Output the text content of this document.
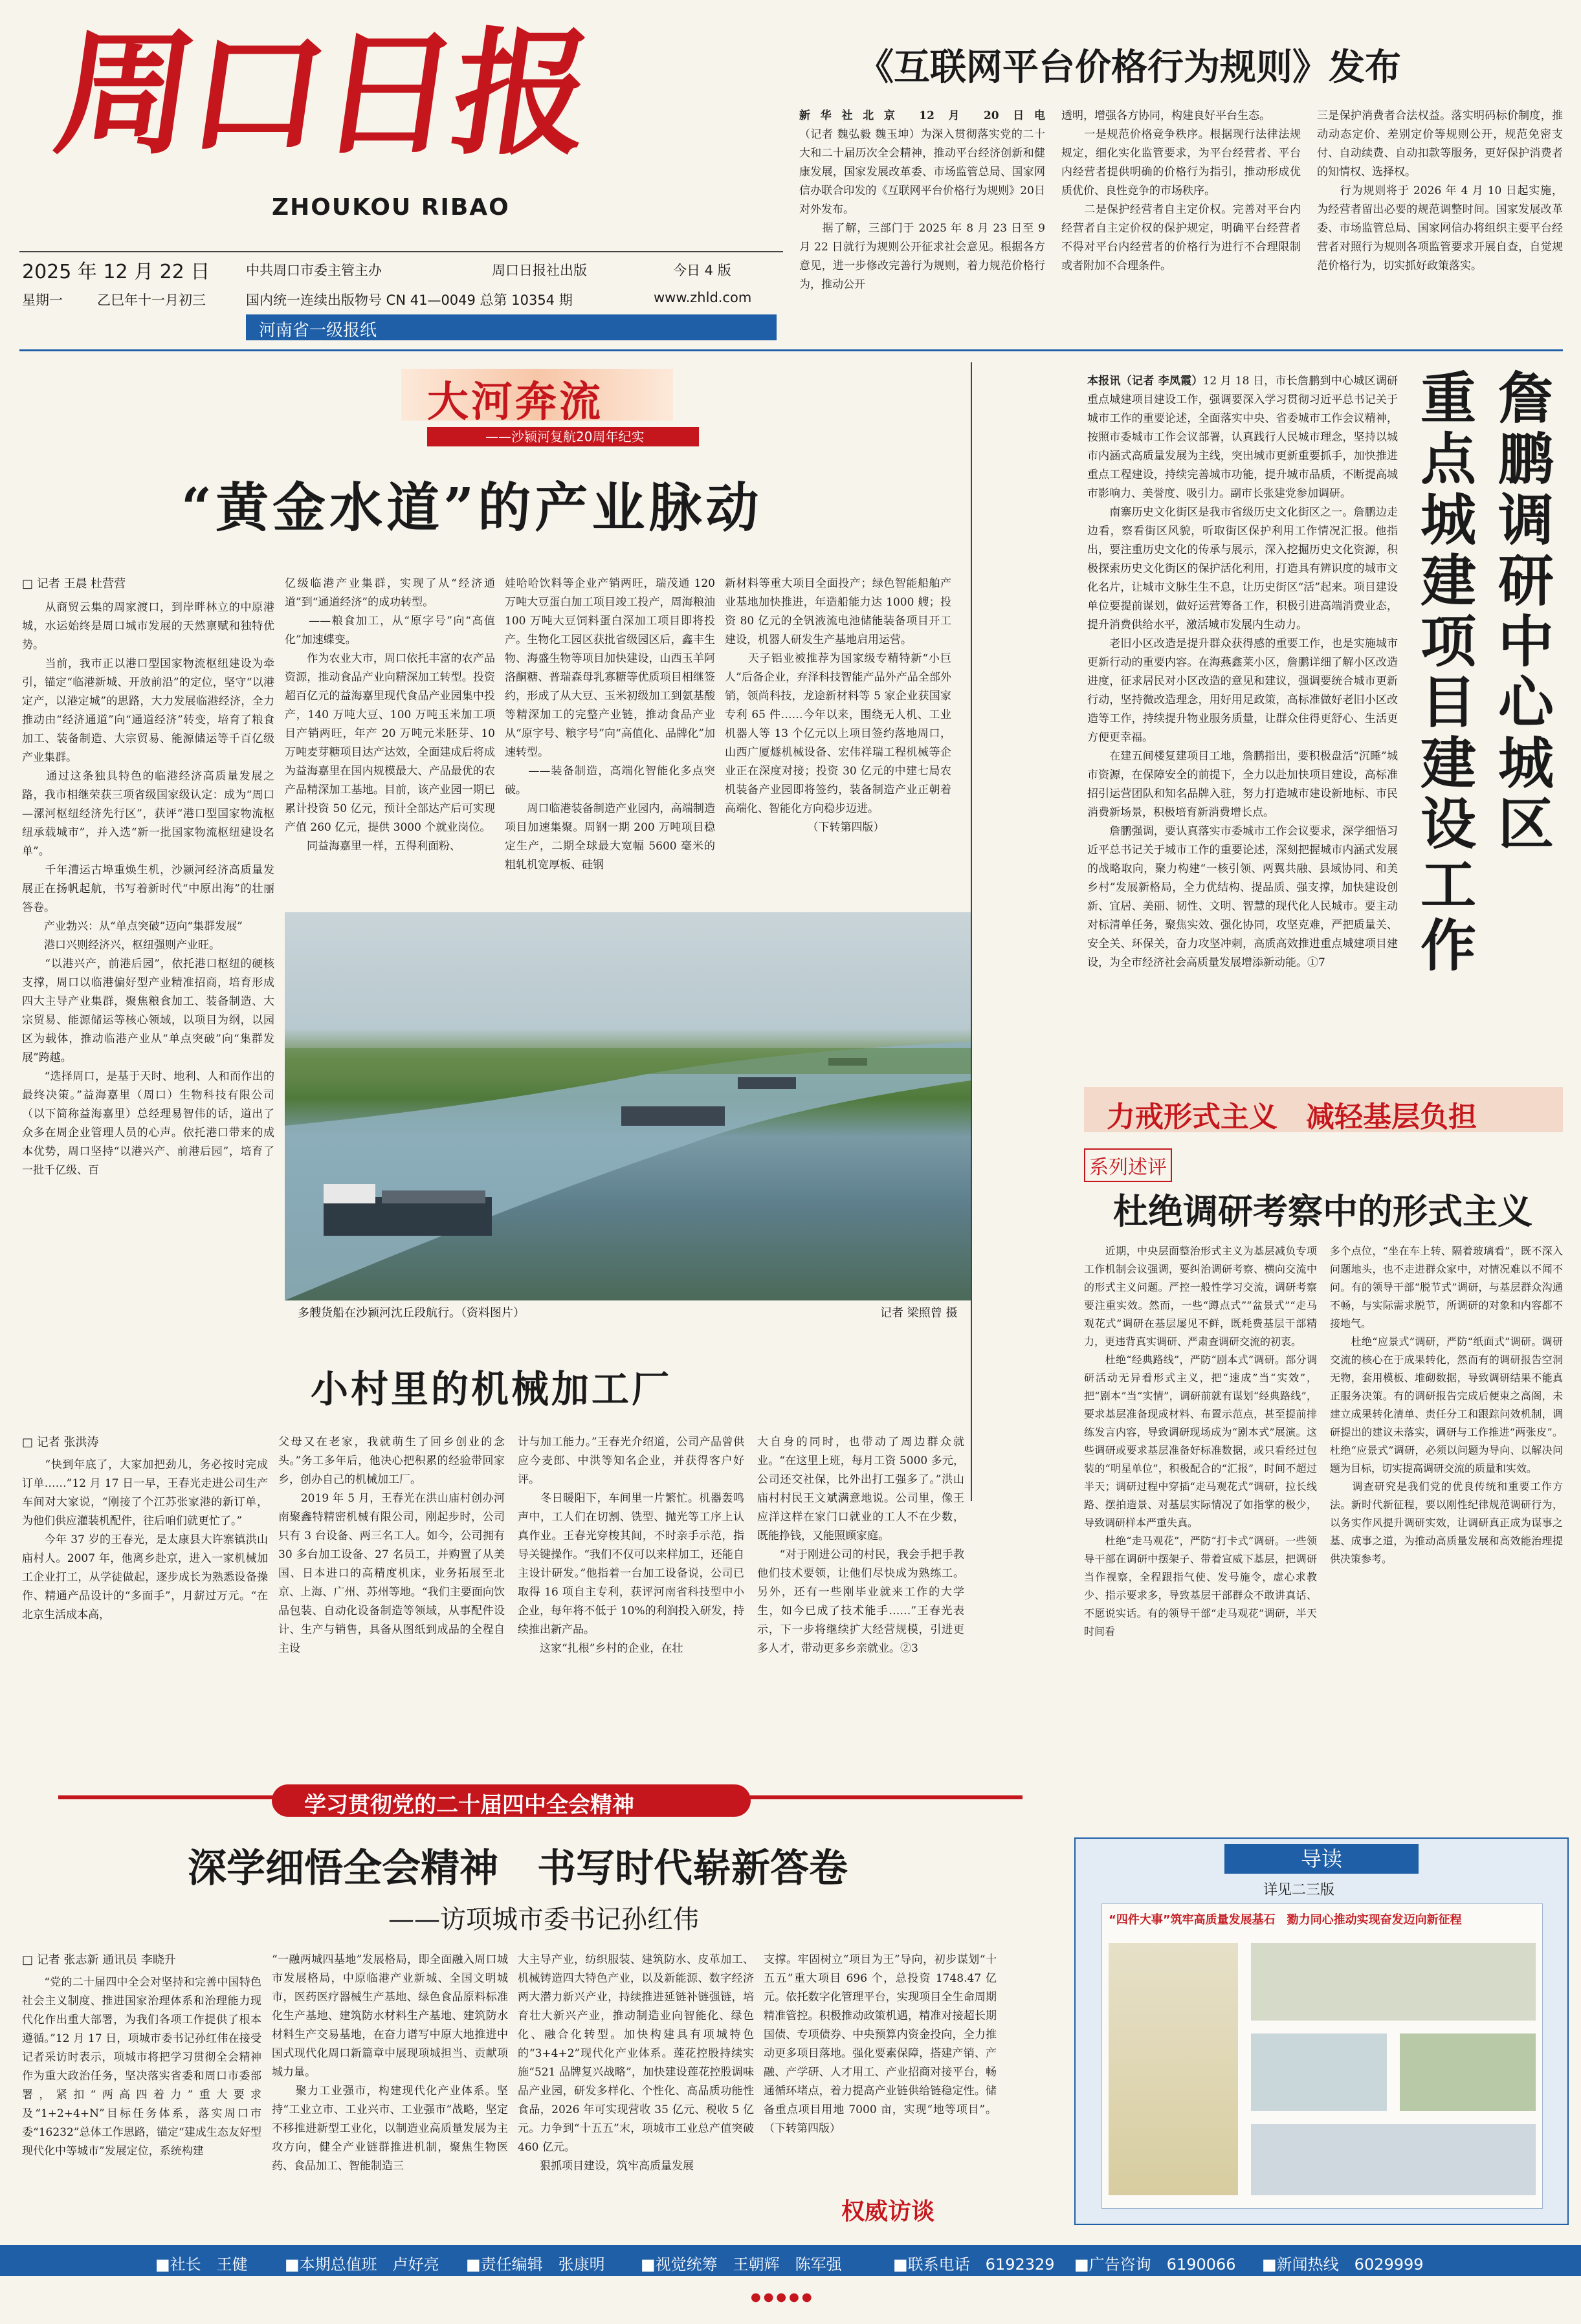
周口日报
ZHOUKOU RIBAO
2025 年 12 月 22 日	中共周口市委主管主办	周口日报社出版	今日 4 版
星期一	乙巳年十一月初三	国内统一连续出版物号 CN 41—0049 总第 10354 期	www.zhld.com
河南省一级报纸
《互联网平台价格行为规则》发布
新华社北京 12 月 20 日电（记者 魏弘毅 魏玉坤）为深入贯彻落实党的二十大和二十届历次全会精神，推动平台经济创新和健康发展，国家发展改革委、市场监管总局、国家网信办联合印发的《互联网平台价格行为规则》20日对外发布。
　　据了解，三部门于 2025 年 8 月 23 日至 9 月 22 日就行为规则公开征求社会意见。根据各方意见，进一步修改完善行为规则，着力规范价格行为，推动公开
透明，增强各方协同，构建良好平台生态。
　　一是规范价格竞争秩序。根据现行法律法规规定，细化实化监管要求，为平台经营者、平台内经营者提供明确的价格行为指引，推动形成优质优价、良性竞争的市场秩序。
　　二是保护经营者自主定价权。完善对平台内经营者自主定价权的保护规定，明确平台经营者不得对平台内经营者的价格行为进行不合理限制或者附加不合理条件。
三是保护消费者合法权益。落实明码标价制度，推动动态定价、差别定价等规则公开，规范免密支付、自动续费、自动扣款等服务，更好保护消费者的知情权、选择权。
　　行为规则将于 2026 年 4 月 10 日起实施，为经营者留出必要的规范调整时间。国家发展改革委、市场监管总局、国家网信办将组织主要平台经营者对照行为规则各项监管要求开展自查，自觉规范价格行为，切实抓好政策落实。
大河奔流
——沙颍河复航20周年纪实
“黄金水道”的产业脉动
□ 记者 王晨 杜营营
　　从商贸云集的周家渡口，到岸畔林立的中原港城，水运始终是周口城市发展的天然禀赋和独特优势。
　　当前，我市正以港口型国家物流枢纽建设为牵引，锚定“临港新城、开放前沿”的定位，坚守“以港定产，以港定城”的思路，大力发展临港经济，全力推动由“经济通道”向“通道经济”转变，培育了粮食加工、装备制造、大宗贸易、能源储运等千百亿级产业集群。
　　通过这条独具特色的临港经济高质量发展之路，我市相继荣获三项省级国家级认定：成为“周口—漯河枢纽经济先行区”，获评“港口型国家物流枢纽承载城市”，并入选“新一批国家物流枢纽建设名单”。
　　千年漕运古埠重焕生机，沙颍河经济高质量发展正在扬帆起航，书写着新时代“中原出海”的壮丽答卷。
　　产业勃兴：从“单点突破”迈向“集群发展”
　　港口兴则经济兴，枢纽强则产业旺。
　　“以港兴产，前港后园”，依托港口枢纽的硬核支撑，周口以临港偏好型产业精准招商，培育形成四大主导产业集群，聚焦粮食加工、装备制造、大宗贸易、能源储运等核心领域，以项目为纲，以园区为载体，推动临港产业从“单点突破”向“集群发展”跨越。
　　“选择周口，是基于天时、地利、人和而作出的最终决策。”益海嘉里（周口）生物科技有限公司（以下简称益海嘉里）总经理易智伟的话，道出了众多在周企业管理人员的心声。依托港口带来的成本优势，周口坚持“以港兴产、前港后园”，培育了一批千亿级、百
亿级临港产业集群，实现了从“经济通道”到“通道经济”的成功转型。
　　——粮食加工，从“原字号”向“高值化”加速蝶变。
　　作为农业大市，周口依托丰富的农产品资源，推动食品产业向精深加工转型。投资超百亿元的益海嘉里现代食品产业园集中投产，140 万吨大豆、100 万吨玉米加工项目产销两旺，年产 20 万吨元米胚芽、10 万吨麦芽糖项目达产达效，全面建成后将成为益海嘉里在国内规模最大、产品最优的农产品精深加工基地。目前，该产业园一期已累计投资 50 亿元，预计全部达产后可实现产值 260 亿元，提供 3000 个就业岗位。
　　同益海嘉里一样，五得利面粉、
娃哈哈饮料等企业产销两旺，瑞茂通 120 万吨大豆蛋白加工项目竣工投产，周海粮油 100 万吨大豆饲料蛋白深加工项目即将投产。生物化工园区获批省级园区后，鑫丰生物、海盛生物等项目加快建设，山西玉羊阿洛酮糖、普瑞森母乳寡糖等优质项目相继签约，形成了从大豆、玉米初级加工到氨基酸等精深加工的完整产业链，推动食品产业从“原字号、粮字号”向“高值化、品牌化”加速转型。
　　——装备制造，高端化智能化多点突破。
　　周口临港装备制造产业园内，高端制造项目加速集聚。周钢一期 200 万吨项目稳定生产，二期全球最大宽幅 5600 毫米的粗轧机宽厚板、硅钢
新材料等重大项目全面投产；绿色智能船舶产业基地加快推进，年造船能力达 1000 艘；投资 80 亿元的全钒液流电池储能装备项目开工建设，机器人研发生产基地启用运营。
　　天子铝业被推荐为国家级专精特新“小巨人”后备企业，弃泽科技智能产品外产品全部外销，领尚科技，龙途新材料等 5 家企业获国家专利 65 件……今年以来，围绕无人机、工业机器人等 13 个亿元以上项目签约落地周口，山西广厦燧机械设备、宏伟祥瑞工程机械等企业正在深度对接；投资 30 亿元的中建七局农机装备产业园即将签约，装备制造产业正朝着高端化、智能化方向稳步迈进。
　　　　　　　　（下转第四版）
多艘货船在沙颍河沈丘段航行。（资料图片）	记者 梁照曾 摄
小村里的机械加工厂
□ 记者 张洪涛
　　“快到年底了，大家加把劲儿，务必按时完成订单……”12 月 17 日一早，王春光走进公司生产车间对大家说，“刚接了个江苏张家港的新订单，为他们供应灌装机配件，往后咱们就更忙了。”
　　今年 37 岁的王春光，是太康县大许寨镇洪山庙村人。2007 年，他离乡赴京，进入一家机械加工企业打工，从学徒做起，逐步成长为熟悉设备操作、精通产品设计的“多面手”，月薪过万元。“在北京生活成本高，
父母又在老家，我就萌生了回乡创业的念头。”务工多年后，他决心把积累的经验带回家乡，创办自己的机械加工厂。
　　2019 年 5 月，王春光在洪山庙村创办河南聚鑫特精密机械有限公司，刚起步时，公司只有 3 台设备、两三名工人。如今，公司拥有 30 多台加工设备、27 名员工，并购置了从美国、日本进口的高精度机床，业务拓展至北京、上海、广州、苏州等地。“我们主要面向饮品包装、自动化设备制造等领域，从事配件设计、生产与销售，具备从图纸到成品的全程自主设
计与加工能力。”王春光介绍道，公司产品曾供应今麦郎、中洪等知名企业，并获得客户好评。
　　冬日暖阳下，车间里一片繁忙。机器轰鸣声中，工人们在切割、铣型、抛光等工序上认真作业。王春光穿梭其间，不时亲手示范，指导关键操作。“我们不仅可以来样加工，还能自主设计研发。”他指着一台加工设备说，公司已取得 16 项自主专利，获评河南省科技型中小企业，每年将不低于 10%的利润投入研发，持续推出新产品。
　　这家“扎根”乡村的企业，在壮
大自身的同时，也带动了周边群众就业。“在这里上班，每月工资 5000 多元，公司还交社保，比外出打工强多了。”洪山庙村村民王文斌满意地说。公司里，像王应洋这样在家门口就业的工人不在少数，既能挣钱，又能照顾家庭。
　　“对于刚进公司的村民，我会手把手教他们技术要领，让他们尽快成为熟练工。另外，还有一些刚毕业就来工作的大学生，如今已成了技术能手……”王春光表示，下一步将继续扩大经营规模，引进更多人才，带动更多乡亲就业。②3
詹鹏调研中心城区
重点城建项目建设工作
本报讯（记者 李凤霞）12 月 18 日，市长詹鹏到中心城区调研重点城建项目建设工作，强调要深入学习贯彻习近平总书记关于城市工作的重要论述，全面落实中央、省委城市工作会议精神，按照市委城市工作会议部署，认真践行人民城市理念，坚持以城市内涵式高质量发展为主线，突出城市更新重要抓手，加快推进重点工程建设，持续完善城市功能，提升城市品质，不断提高城市影响力、美誉度、吸引力。副市长张建党参加调研。
　　南寨历史文化街区是我市省级历史文化街区之一。詹鹏边走边看，察看街区风貌，听取街区保护利用工作情况汇报。他指出，要注重历史文化的传承与展示，深入挖掘历史文化资源，积极探索历史文化街区的保护活化利用，打造具有辨识度的城市文化名片，让城市文脉生生不息，让历史街区“活”起来。项目建设单位要提前谋划，做好运营筹备工作，积极引进高端消费业态，提升消费供给水平，激活城市发展内生动力。
　　老旧小区改造是提升群众获得感的重要工作，也是实施城市更新行动的重要内容。在海燕鑫莱小区，詹鹏详细了解小区改造进度，征求居民对小区改造的意见和建议，强调要统合城市更新行动，坚持微改造理念，用好用足政策，高标准做好老旧小区改造等工作，持续提升物业服务质量，让群众住得更舒心、生活更方便更幸福。
　　在建五间楼复建项目工地，詹鹏指出，要积极盘活“沉睡”城市资源，在保障安全的前提下，全力以赴加快项目建设，高标准招引运营团队和知名品牌入驻，努力打造城市建设新地标、市民消费新场景，积极培育新消费增长点。
　　詹鹏强调，要认真落实市委城市工作会议要求，深学细悟习近平总书记关于城市工作的重要论述，深刻把握城市内涵式发展的战略取向，聚力构建“一核引领、两翼共融、县域协同、和美乡村”发展新格局，全力优结构、提品质、强支撑，加快建设创新、宜居、美丽、韧性、文明、智慧的现代化人民城市。要主动对标清单任务，聚焦实效、强化协同，攻坚克难，严把质量关、安全关、环保关，奋力攻坚冲刺，高质高效推进重点城建项目建设，为全市经济社会高质量发展增添新动能。①7
力戒形式主义　减轻基层负担
系列述评
杜绝调研考察中的形式主义
　　近期，中央层面整治形式主义为基层减负专项工作机制会议强调，要纠治调研考察、横向交流中的形式主义问题。严控一般性学习交流，调研考察要注重实效。然而，一些“蹲点式”“盆景式”“走马观花式”调研在基层屡见不鲜，既耗费基层干部精力，更违背真实调研、严肃查调研交流的初衷。
　　杜绝“经典路线”，严防“剧本式”调研。部分调研活动无异看形式主义，把“速成”当“实效”，把“剧本”当“实情”，调研前就有谋划“经典路线”，要求基层准备现成材料、布置示范点，甚至提前排练发言内容，导致调研现场成为“剧本式”展演。这些调研或要求基层准备好标准数据，或只看经过包装的“明星单位”，积极配合的“汇报”，时间不超过半天；调研过程中穿插“走马观花式”调研，拉长线路、摆拍造景、对基层实际情况了如指掌的极少，导致调研样本严重失真。
　　杜绝“走马观花”，严防“打卡式”调研。一些领导干部在调研中摆架子、带着宣威下基层，把调研当作视察，全程跟指气使、发号施令，虚心求教少、指示要求多，导致基层干部群众不敢讲真话、不愿说实话。有的领导干部“走马观花”调研，半天时间看
多个点位，“坐在车上转、隔着玻璃看”，既不深入问题地头，也不走进群众家中，对情况难以不闻不问。有的领导干部“脱节式”调研，与基层群众沟通不畅，与实际需求脱节，所调研的对象和内容都不接地气。
　　杜绝“应景式”调研，严防“纸面式”调研。调研交流的核心在于成果转化，然而有的调研报告空洞无物，套用模板、堆砌数据，导致调研结果不能真正服务决策。有的调研报告完成后便束之高阁，未建立成果转化清单、责任分工和跟踪问效机制，调研提出的建议未落实，调研与工作推进“两张皮”。杜绝“应景式”调研，必须以问题为导向、以解决问题为目标，切实提高调研交流的质量和实效。
　　调查研究是我们党的优良传统和重要工作方法。新时代新征程，要以刚性纪律规范调研行为，以务实作风提升调研实效，让调研真正成为谋事之基、成事之道，为推动高质量发展和高效能治理提供决策参考。
学习贯彻党的二十届四中全会精神
深学细悟全会精神　书写时代崭新答卷
——访项城市委书记孙红伟
□ 记者 张志新 通讯员 李晓升
　　“党的二十届四中全会对坚持和完善中国特色社会主义制度、推进国家治理体系和治理能力现代化作出重大部署，为我们各项工作提供了根本遵循。”12 月 17 日，项城市委书记孙红伟在接受记者采访时表示，项城市将把学习贯彻全会精神作为重大政治任务，坚决落实省委和周口市委部署，紧扣“两高四着力”重大要求及“1+2+4+N”目标任务体系，落实周口市委“16232”总体工作思路，锚定“建成生态友好型现代化中等城市”发展定位，系统构建
“一融两城四基地”发展格局，即全面融入周口城市发展格局，中原临港产业新城、全国文明城市，医药医疗器械生产基地、绿色食品原料标准化生产基地、建筑防水材料生产基地、建筑防水材料生产交易基地，在奋力谱写中原大地推进中国式现代化周口新篇章中展现项城担当、贡献项城力量。
　　聚力工业强市，构建现代化产业体系。坚持“工业立市、工业兴市、工业强市”战略，坚定不移推进新型工业化，以制造业高质量发展为主攻方向，健全产业链群推进机制，聚焦生物医药、食品加工、智能制造三
大主导产业，纺织服装、建筑防水、皮革加工、机械铸造四大特色产业，以及新能源、数字经济两大潜力新兴产业，持续推进延链补链强链，培育壮大新兴产业，推动制造业向智能化、绿色化、融合化转型。加快构建具有项城特色的“3+4+2”现代化产业体系。莲花控股持续实施“521 品牌复兴战略”，加快建设莲花控股调味品产业园，研发多样化、个性化、高品质功能性食品，2026 年可实现营收 35 亿元、税收 5 亿元。力争到“十五五”末，项城市工业总产值突破 460 亿元。
　　狠抓项目建设，筑牢高质量发展
支撑。牢固树立“项目为王”导向，初步谋划“十五五”重大项目 696 个，总投资 1748.47 亿元。依托数字化管理平台，实现项目全生命周期精准管控。积极推动政策机遇，精准对接超长期国债、专项债券、中央预算内资金投向，全力推动更多项目落地。强化要素保障，搭建产销、产融、产学研、人才用工、产业招商对接平台，畅通循环堵点，着力提高产业链供给链稳定性。储备重点项目用地 7000 亩，实现“地等项目”。（下转第四版）
权威访谈
导读
详见二三版
“四件大事”筑牢高质量发展基石　勠力同心推动实现奋发迈向新征程
■社长　王健 ■本期总值班　卢好亮 ■责任编辑　张康明 ■视觉统筹　王朝辉　陈军强	■联系电话　6192329 ■广告咨询　6190066 ■新闻热线　6029999
●●●●●
